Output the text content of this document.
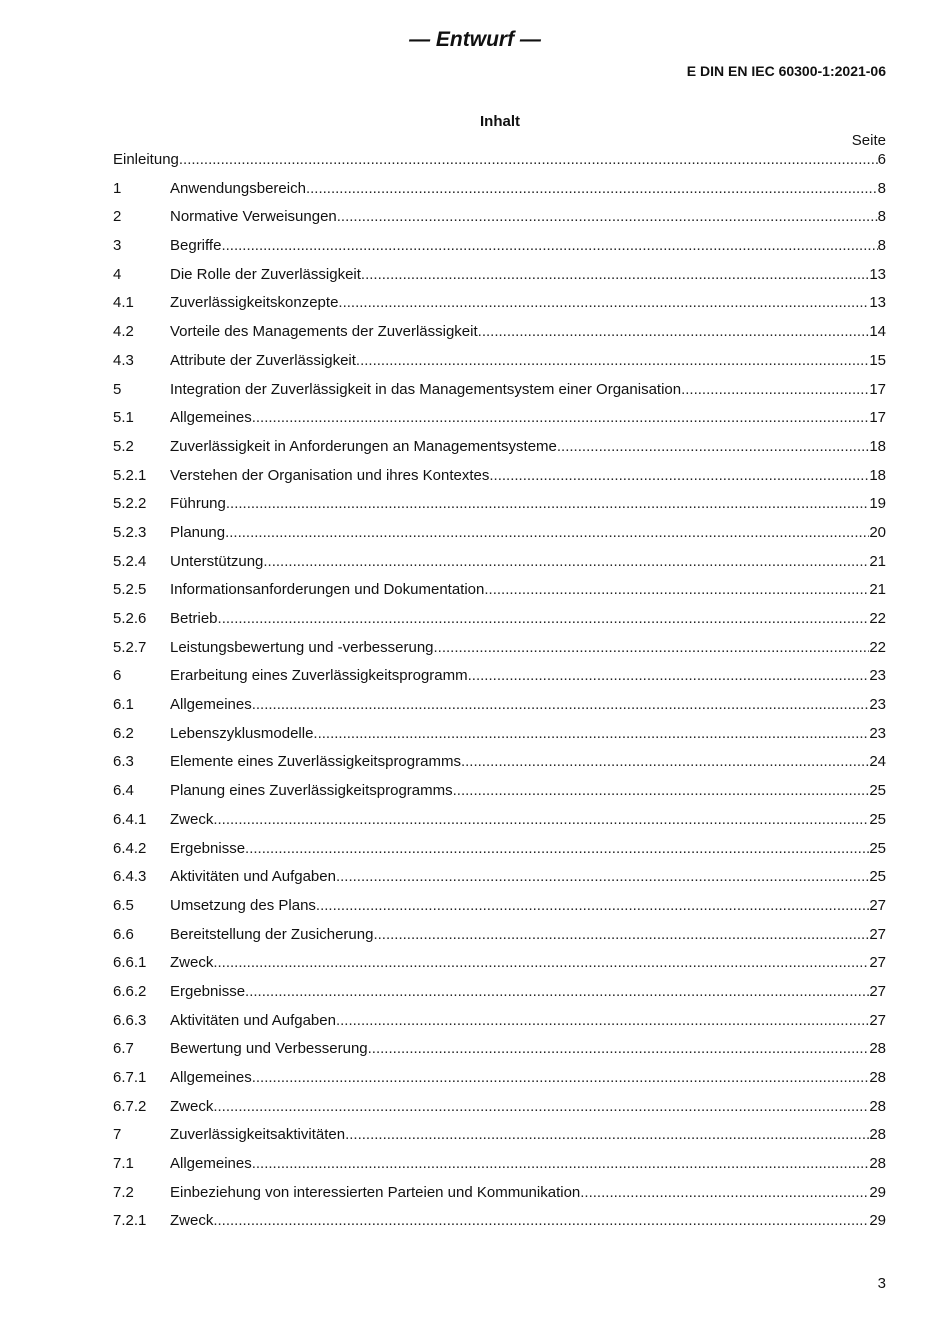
— Entwurf —
E DIN EN IEC 60300-1:2021-06
Inhalt
Seite
Einleitung .....	6
1	Anwendungsbereich .....	8
2	Normative Verweisungen .....	8
3	Begriffe .....	8
4	Die Rolle der Zuverlässigkeit .....	13
4.1	Zuverlässigkeitskonzepte .....	13
4.2	Vorteile des Managements der Zuverlässigkeit .....	14
4.3	Attribute der Zuverlässigkeit .....	15
5	Integration der Zuverlässigkeit in das Managementsystem einer Organisation .....	17
5.1	Allgemeines .....	17
5.2	Zuverlässigkeit in Anforderungen an Managementsysteme .....	18
5.2.1	Verstehen der Organisation und ihres Kontextes .....	18
5.2.2	Führung .....	19
5.2.3	Planung .....	20
5.2.4	Unterstützung .....	21
5.2.5	Informationsanforderungen und Dokumentation .....	21
5.2.6	Betrieb .....	22
5.2.7	Leistungsbewertung und -verbesserung .....	22
6	Erarbeitung eines Zuverlässigkeitsprogramm .....	23
6.1	Allgemeines .....	23
6.2	Lebenszyklusmodelle .....	23
6.3	Elemente eines Zuverlässigkeitsprogramms .....	24
6.4	Planung eines Zuverlässigkeitsprogramms .....	25
6.4.1	Zweck .....	25
6.4.2	Ergebnisse .....	25
6.4.3	Aktivitäten und Aufgaben .....	25
6.5	Umsetzung des Plans .....	27
6.6	Bereitstellung der Zusicherung .....	27
6.6.1	Zweck .....	27
6.6.2	Ergebnisse .....	27
6.6.3	Aktivitäten und Aufgaben .....	27
6.7	Bewertung und Verbesserung .....	28
6.7.1	Allgemeines .....	28
6.7.2	Zweck .....	28
7	Zuverlässigkeitsaktivitäten .....	28
7.1	Allgemeines .....	28
7.2	Einbeziehung von interessierten Parteien und Kommunikation .....	29
7.2.1	Zweck .....	29
3
